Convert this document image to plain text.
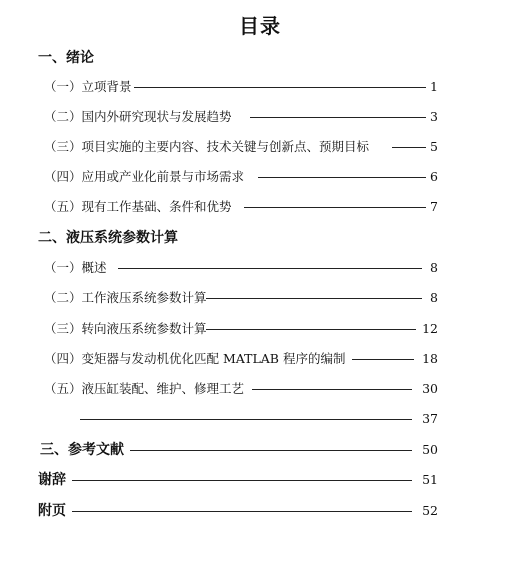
目录
一、绪论
（一）立项背景	1
（二）国内外研究现状与发展趋势	3
（三）项目实施的主要内容、技术关键与创新点、预期目标	5
（四）应用或产业化前景与市场需求	6
（五）现有工作基础、条件和优势	7
二、液压系统参数计算
（一）概述	8
（二）工作液压系统参数计算	8
（三）转向液压系统参数计算	12
（四）变矩器与发动机优化匹配 MATLAB 程序的编制	18
（五）液压缸装配、维护、修理工艺	30
37
三、参考文献	50
谢辞	51
附页	52
